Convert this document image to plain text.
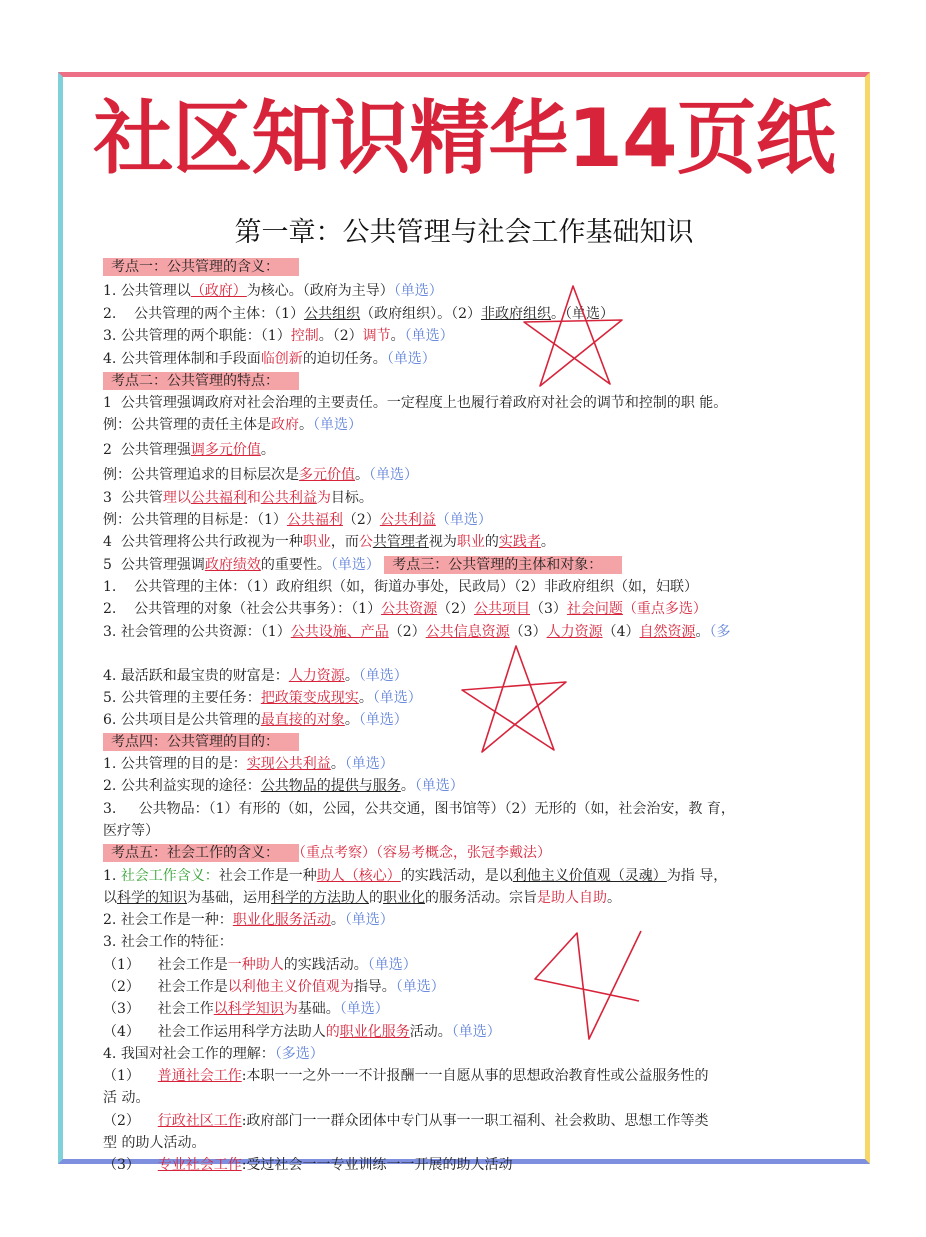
社区知识精华14页纸
第一章：公共管理与社会工作基础知识
考点一：公共管理的含义：
1. 公共管理以（政府）为核心。（政府为主导）（单选）
2. 公共管理的两个主体：（1）公共组织（政府组织）。（2）非政府组织。（单选）
3. 公共管理的两个职能：（1）控制。（2）调节。（单选）
4. 公共管理体制和手段面临创新的迫切任务。（单选）
考点二：公共管理的特点：
1 公共管理强调政府对社会治理的主要责任。一定程度上也履行着政府对社会的调节和控制的职 能。
例：公共管理的责任主体是政府。（单选）
2 公共管理强调多元价值。
例：公共管理追求的目标层次是多元价值。（单选）
3 公共管理以公共福利和公共利益为目标。
例：公共管理的目标是：（1）公共福利（2）公共利益（单选）
4 公共管理将公共行政视为一种职业，而公共管理者视为职业的实践者。
5 公共管理强调政府绩效的重要性。（单选） 考点三：公共管理的主体和对象：
1. 公共管理的主体：（1）政府组织（如，街道办事处，民政局）（2）非政府组织（如，妇联）
2. 公共管理的对象（社会公共事务）：（1）公共资源（2）公共项目（3）社会问题（重点多选）
3. 社会管理的公共资源：（1）公共设施、产品（2）公共信息资源（3）人力资源（4）自然资源。（多
4. 最活跃和最宝贵的财富是：人力资源。（单选）
5. 公共管理的主要任务：把政策变成现实。（单选）
6. 公共项目是公共管理的最直接的对象。（单选）
考点四：公共管理的目的：
1. 公共管理的目的是：实现公共利益。（单选）
2. 公共利益实现的途径：公共物品的提供与服务。（单选）
3. 公共物品：（1）有形的（如，公园，公共交通，图书馆等）（2）无形的（如，社会治安，教 育，
医疗等）
考点五：社会工作的含义： （重点考察）（容易考概念，张冠李戴法）
1. 社会工作含义：社会工作是一种助人（核心）的实践活动，是以利他主义价值观（灵魂）为指 导，
以科学的知识为基础，运用科学的方法助人的职业化的服务活动。宗旨是助人自助。
2. 社会工作是一种：职业化服务活动。（单选）
3. 社会工作的特征：
（1） 社会工作是一种助人的实践活动。（单选）
（2） 社会工作是以利他主义价值观为指导。（单选）
（3） 社会工作以科学知识为基础。（单选）
（4） 社会工作运用科学方法助人的职业化服务活动。（单选）
4. 我国对社会工作的理解：（多选）
（1） 普通社会工作:本职一一之外一一不计报酬一一自愿从事的思想政治教育性或公益服务性的
活 动。
（2） 行政社区工作:政府部门一一群众团体中专门从事一一职工福利、社会救助、思想工作等类
型 的助人活动。
（3） 专业社会工作:受过社会一一专业训练一一开展的助人活动
